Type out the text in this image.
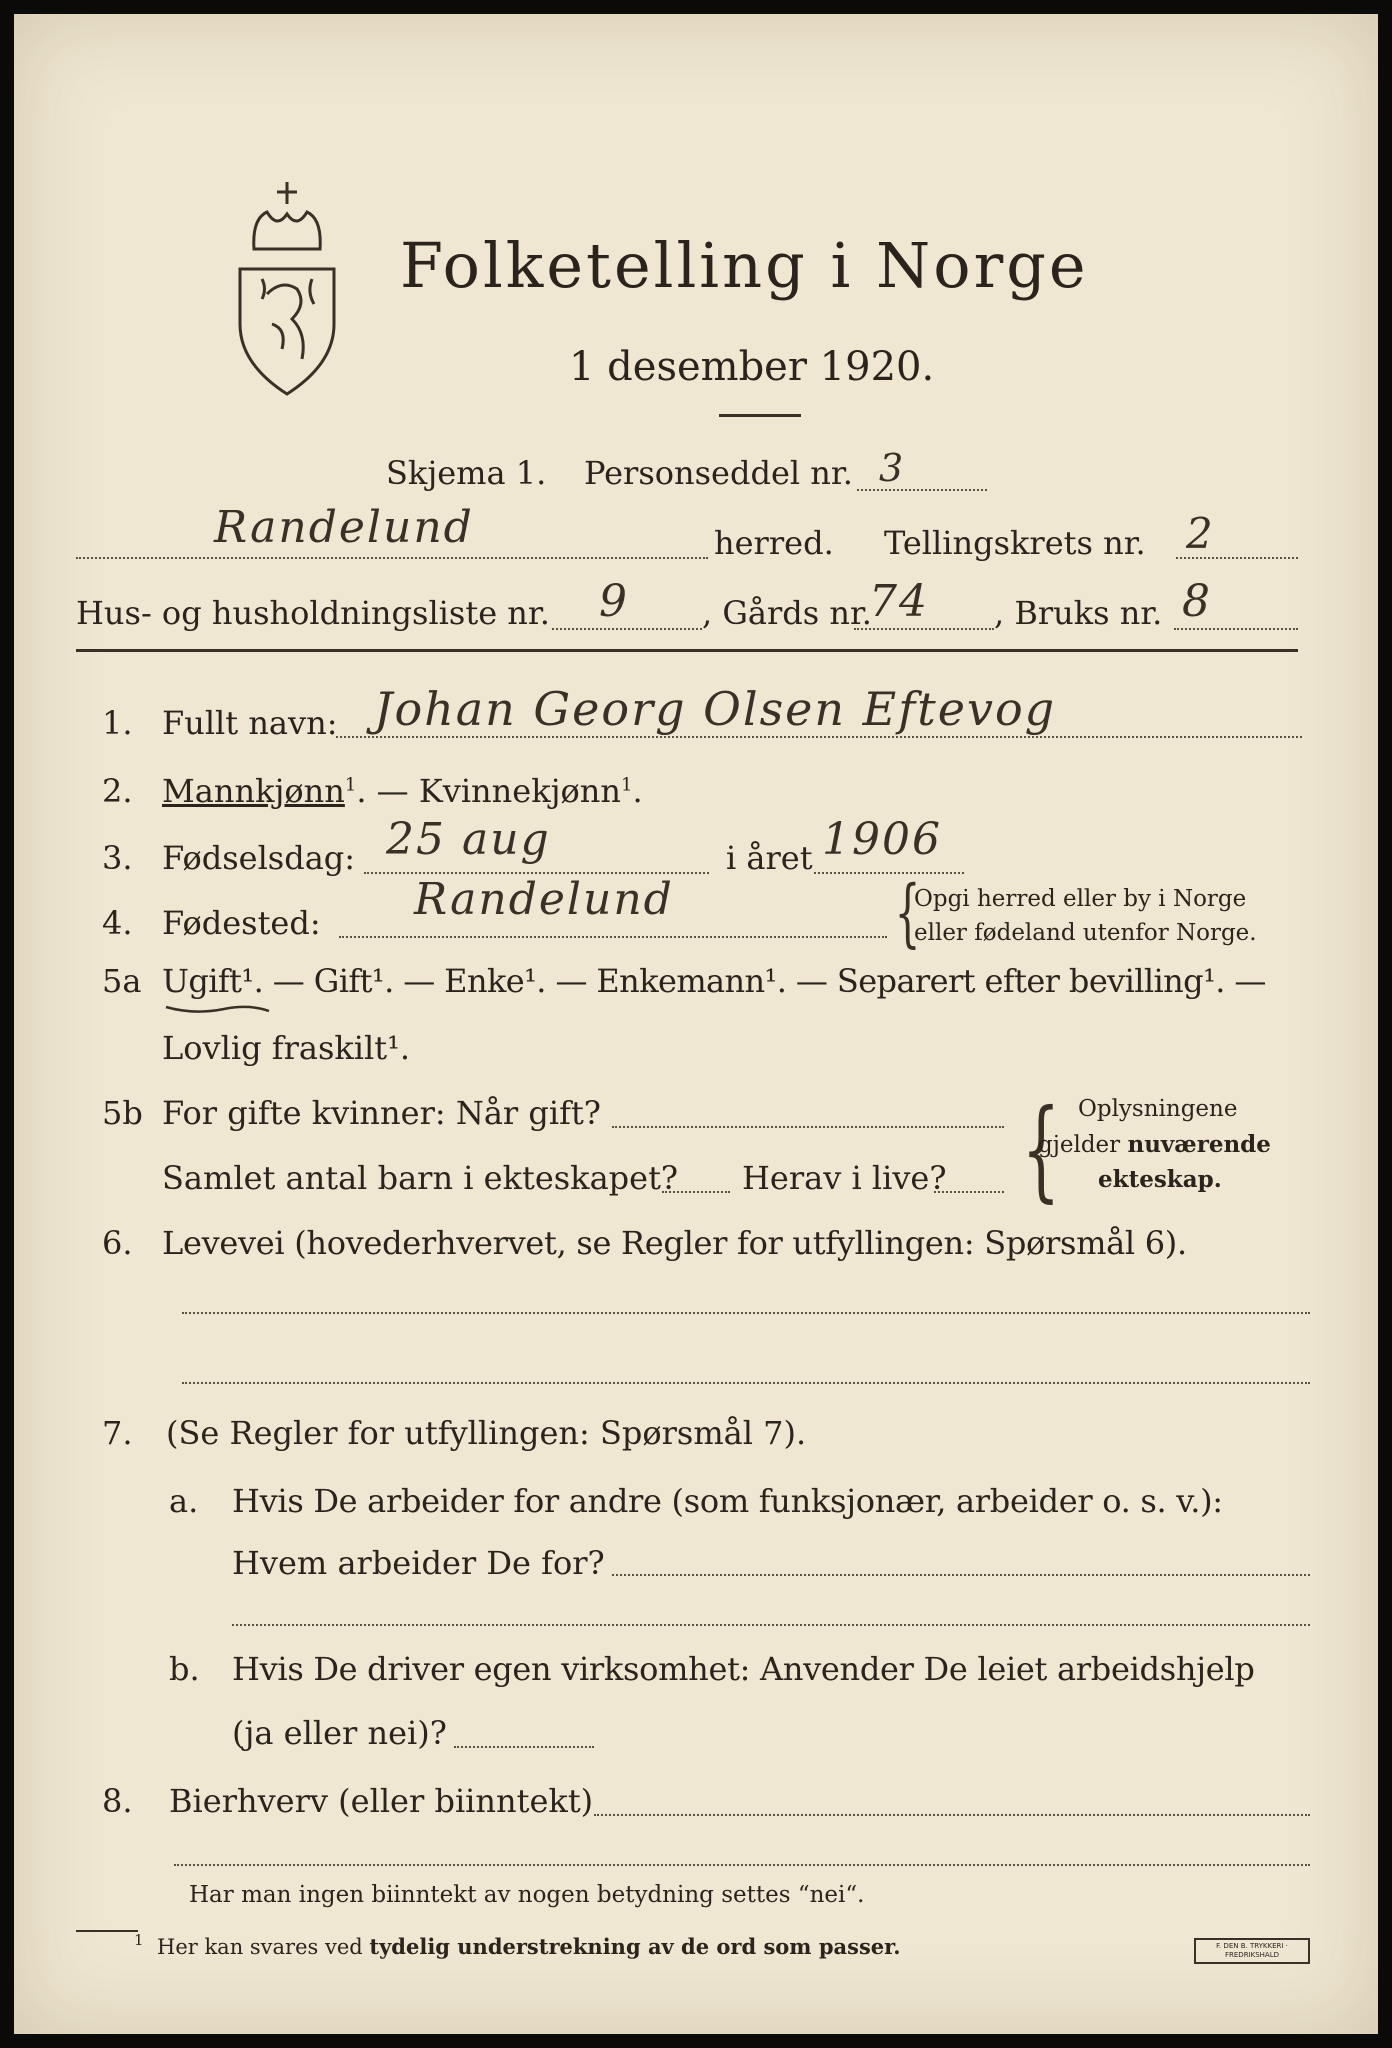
Folketelling i Norge
1 desember 1920.
Skjema 1. Personseddel nr. 3
Randelund	herred. Tellingskrets nr. 2
Hus- og husholdningsliste nr. 9 , Gårds nr.
74 , Bruks nr. 8
1. Fullt navn: Johan Georg Olsen Eftevog
2. Mannkjønn$^1$. — Kvinnekjønn$^1$.
3. Fødselsdag: 25 aug	i året 1906
4. Fødested: Randelund	{
Opgi herred eller by i Norge
eller fødeland utenfor Norge.
5a Ugift¹. — Gift¹. — Enke¹. — Enkemann¹. — Separert efter bevilling¹. —
Lovlig fraskilt¹.
5b For gifte kvinner: Når gift?
Samlet antal barn i ekteskapet? Herav i live? { Oplysningene
gjelder nuværende
ekteskap.
6. Levevei (hovederhvervet, se Regler for utfyllingen: Spørsmål 6).
7. (Se Regler for utfyllingen: Spørsmål 7).
a. Hvis De arbeider for andre (som funksjonær, arbeider o. s. v.):
Hvem arbeider De for?
b. Hvis De driver egen virksomhet: Anvender De leiet arbeidshjelp
(ja eller nei)?
8. Bierhverv (eller biinntekt)
Har man ingen biinntekt av nogen betydning settes “nei“.
1 Her kan svares ved tydelig understrekning av de ord som passer.	F. DEN B. TRYKKERI · FREDRIKSHALD
